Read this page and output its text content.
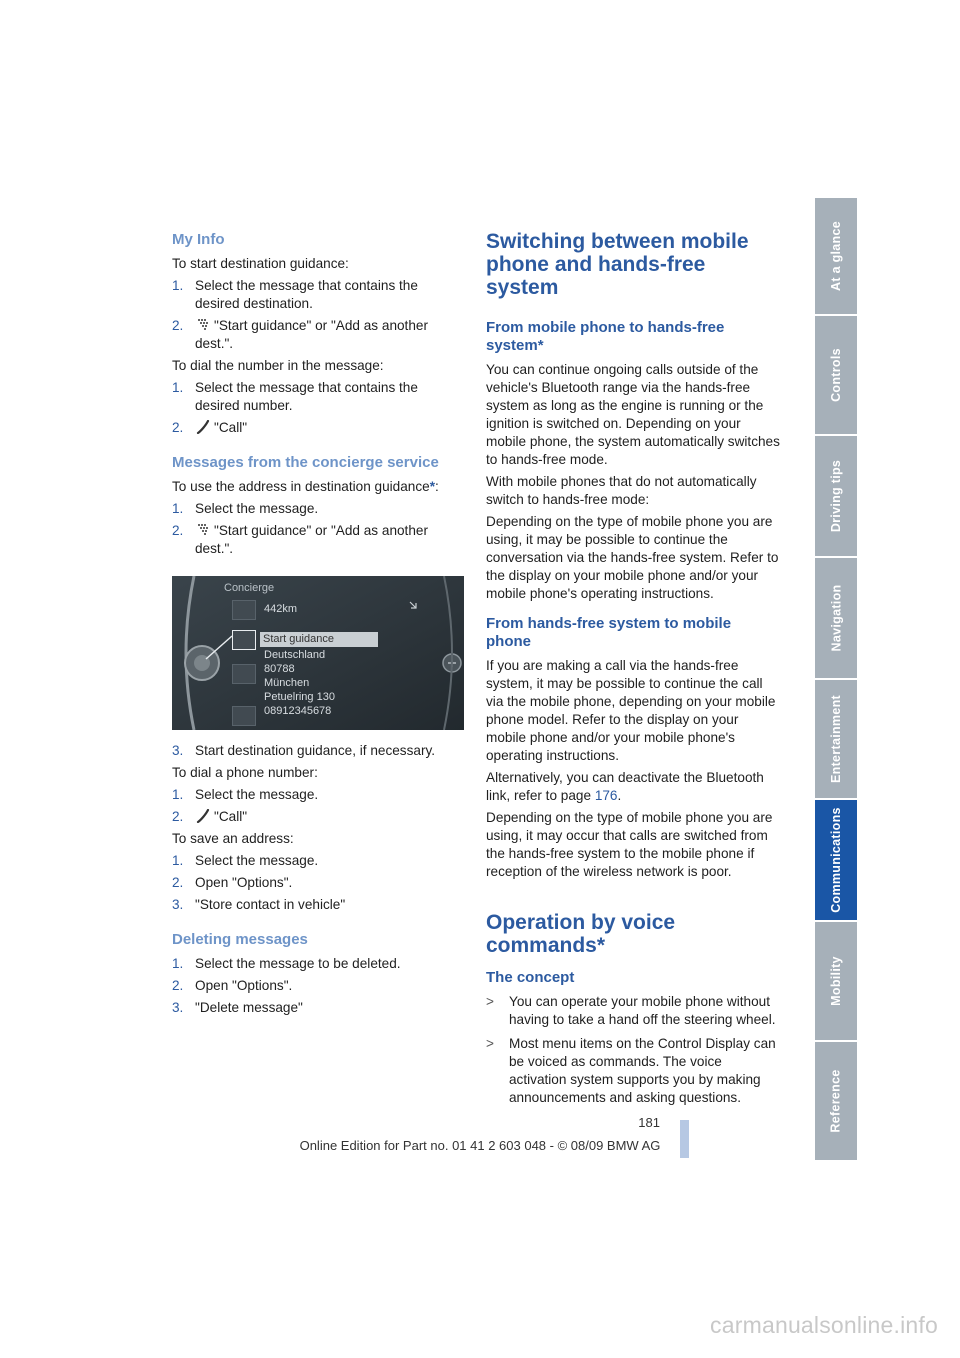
My Info

To start destination guidance:

1. Select the message that contains the desired destination.
2. "Start guidance" or "Add as another dest.".

To dial the number in the message:

1. Select the message that contains the desired number.
2. "Call"
Messages from the concierge service

To use the address in destination guidance*:

1. Select the message.
2. "Start guidance" or "Add as another dest.".
Concierge
442km
Start guidance
Deutschland
80788
München
Petuelring 130
08912345678
3. Start destination guidance, if necessary.

To dial a phone number:

1. Select the message.
2. "Call"

To save an address:

1. Select the message.
2. Open "Options".
3. "Store contact in vehicle"
Deleting messages
1. Select the message to be deleted.
2. Open "Options".
3. "Delete message"
Switching between mobile phone and hands-free system
From mobile phone to hands-free system*

You can continue ongoing calls outside of the vehicle's Bluetooth range via the hands-free system as long as the engine is running or the ignition is switched on. Depending on your mobile phone, the system automatically switches to hands-free mode.

With mobile phones that do not automatically switch to hands-free mode:

Depending on the type of mobile phone you are using, it may be possible to continue the conversation via the hands-free system. Refer to the display on your mobile phone and/or your mobile phone's operating instructions.

From hands-free system to mobile phone

If you are making a call via the hands-free system, it may be possible to continue the call via the mobile phone, depending on your mobile phone model. Refer to the display on your mobile phone and/or your mobile phone's operating instructions.

Alternatively, you can deactivate the Bluetooth link, refer to page 176.

Depending on the type of mobile phone you are using, it may occur that calls are switched from the hands-free system to the mobile phone if reception of the wireless network is poor.

Operation by voice commands*
The concept
> You can operate your mobile phone without having to take a hand off the steering wheel.
> Most menu items on the Control Display can be voiced as commands. The voice activation system supports you by making announcements and asking questions.
At a glance
Controls
Driving tips
Navigation
Entertainment
Communications
Mobility
Reference
181
Online Edition for Part no. 01 41 2 603 048 - © 08/09 BMW AG
carmanualsonline.info
